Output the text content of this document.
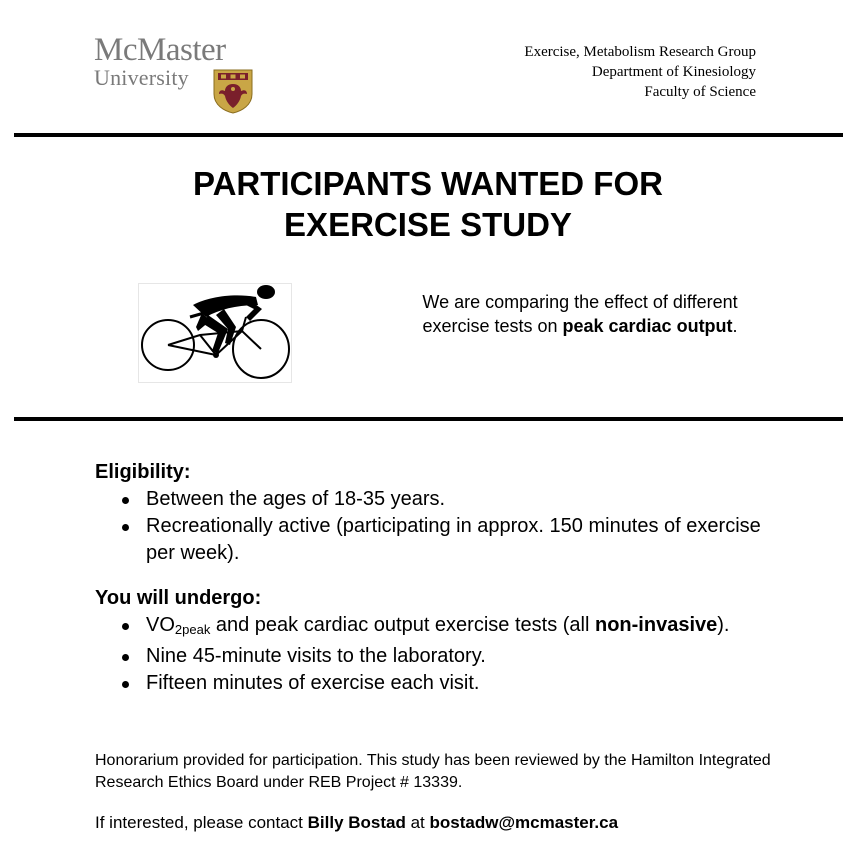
McMaster
University
Exercise, Metabolism Research Group
Department of Kinesiology
Faculty of Science
PARTICIPANTS WANTED FOR
EXERCISE STUDY
We are comparing the effect of different exercise tests on peak cardiac output.

Eligibility:

Between the ages of 18-35 years.
Recreationally active (participating in approx. 150 minutes of exercise per week).

You will undergo:

$VO_{2peak}$ and peak cardiac output exercise tests (all non-invasive).
Nine 45-minute visits to the laboratory.
Fifteen minutes of exercise each visit.
Honorarium provided for participation. This study has been reviewed by the Hamilton Integrated Research Ethics Board under REB Project # 13339.
If interested, please contact Billy Bostad at bostadw@mcmaster.ca
